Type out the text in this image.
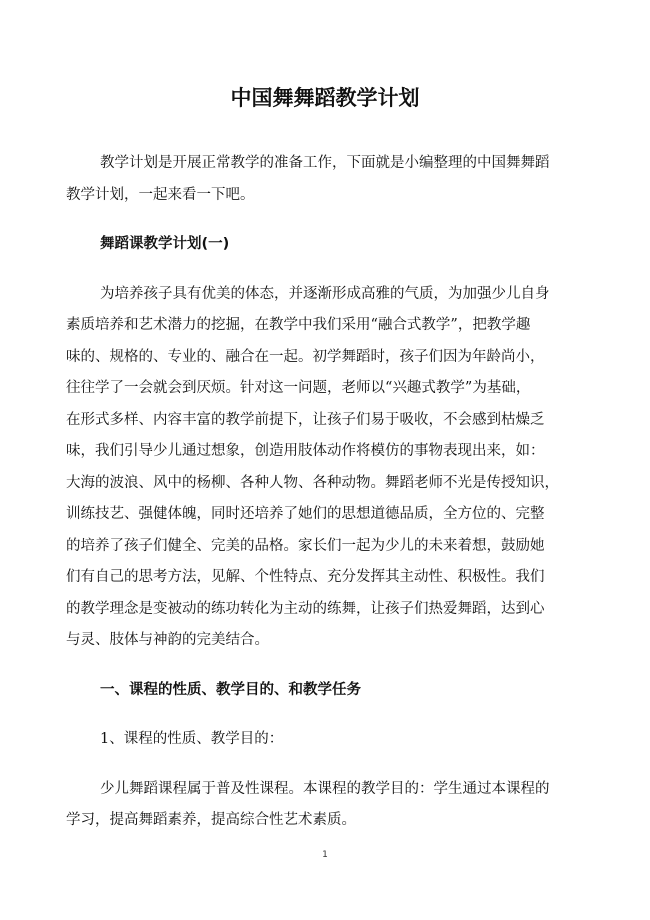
中国舞舞蹈教学计划
教学计划是开展正常教学的准备工作，下面就是小编整理的中国舞舞蹈
教学计划，一起来看一下吧。
舞蹈课教学计划(一)
为培养孩子具有优美的体态，并逐渐形成高雅的气质，为加强少儿自身
素质培养和艺术潜力的挖掘，在教学中我们采用“融合式教学”，把教学趣
味的、规格的、专业的、融合在一起。初学舞蹈时，孩子们因为年龄尚小，
往往学了一会就会到厌烦。针对这一问题，老师以“兴趣式教学”为基础，
在形式多样、内容丰富的教学前提下，让孩子们易于吸收，不会感到枯燥乏
味，我们引导少儿通过想象，创造用肢体动作将模仿的事物表现出来，如：
大海的波浪、风中的杨柳、各种人物、各种动物。舞蹈老师不光是传授知识，
训练技艺、强健体魄，同时还培养了她们的思想道德品质，全方位的、完整
的培养了孩子们健全、完美的品格。家长们一起为少儿的未来着想，鼓励她
们有自己的思考方法，见解、个性特点、充分发挥其主动性、积极性。我们
的教学理念是变被动的练功转化为主动的练舞，让孩子们热爱舞蹈，达到心
与灵、肢体与神韵的完美结合。
一、课程的性质、教学目的、和教学任务
1、课程的性质、教学目的：
少儿舞蹈课程属于普及性课程。本课程的教学目的：学生通过本课程的
学习，提高舞蹈素养，提高综合性艺术素质。
1
